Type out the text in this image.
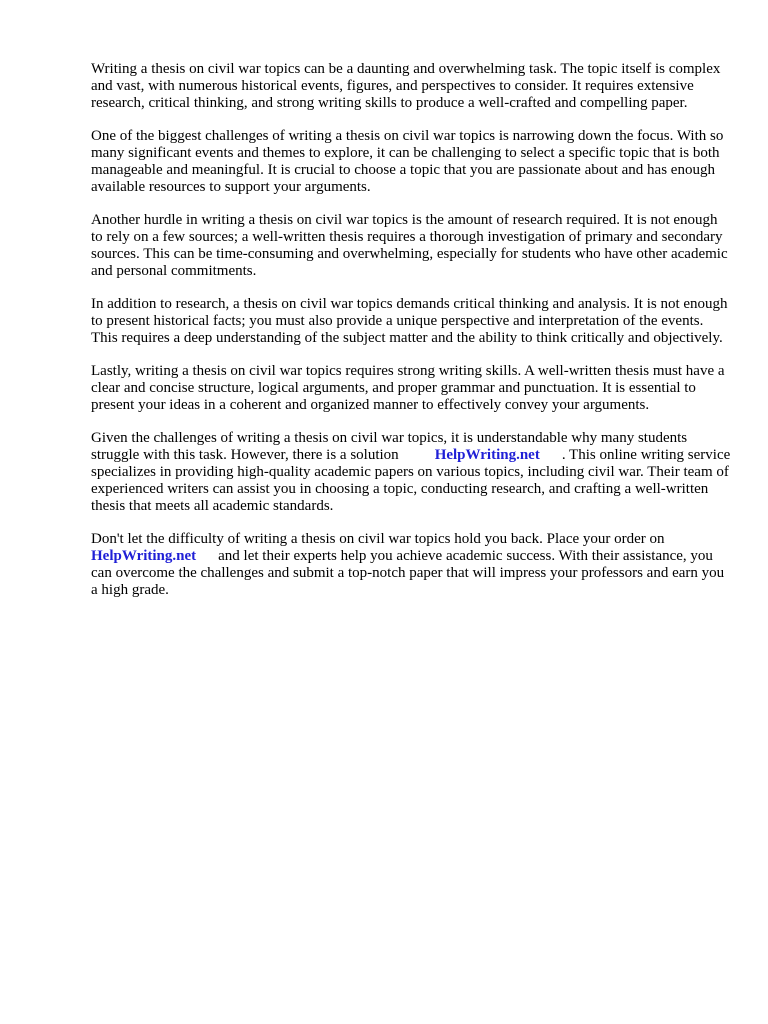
Writing a thesis on civil war topics can be a daunting and overwhelming task. The topic itself is complex and vast, with numerous historical events, figures, and perspectives to consider. It requires extensive research, critical thinking, and strong writing skills to produce a well-crafted and compelling paper.

One of the biggest challenges of writing a thesis on civil war topics is narrowing down the focus. With so many significant events and themes to explore, it can be challenging to select a specific topic that is both manageable and meaningful. It is crucial to choose a topic that you are passionate about and has enough available resources to support your arguments.

Another hurdle in writing a thesis on civil war topics is the amount of research required. It is not enough to rely on a few sources; a well-written thesis requires a thorough investigation of primary and secondary sources. This can be time-consuming and overwhelming, especially for students who have other academic and personal commitments.

In addition to research, a thesis on civil war topics demands critical thinking and analysis. It is not enough to present historical facts; you must also provide a unique perspective and interpretation of the events. This requires a deep understanding of the subject matter and the ability to think critically and objectively.

Lastly, writing a thesis on civil war topics requires strong writing skills. A well-written thesis must have a clear and concise structure, logical arguments, and proper grammar and punctuation. It is essential to present your ideas in a coherent and organized manner to effectively convey your arguments.

Given the challenges of writing a thesis on civil war topics, it is understandable why many students struggle with this task. However, there is a solution HelpWriting.net . This online writing service specializes in providing high-quality academic papers on various topics, including civil war. Their team of experienced writers can assist you in choosing a topic, conducting research, and crafting a well-written thesis that meets all academic standards.

Don't let the difficulty of writing a thesis on civil war topics hold you back. Place your order on HelpWriting.net and let their experts help you achieve academic success. With their assistance, you can overcome the challenges and submit a top-notch paper that will impress your professors and earn you a high grade.
